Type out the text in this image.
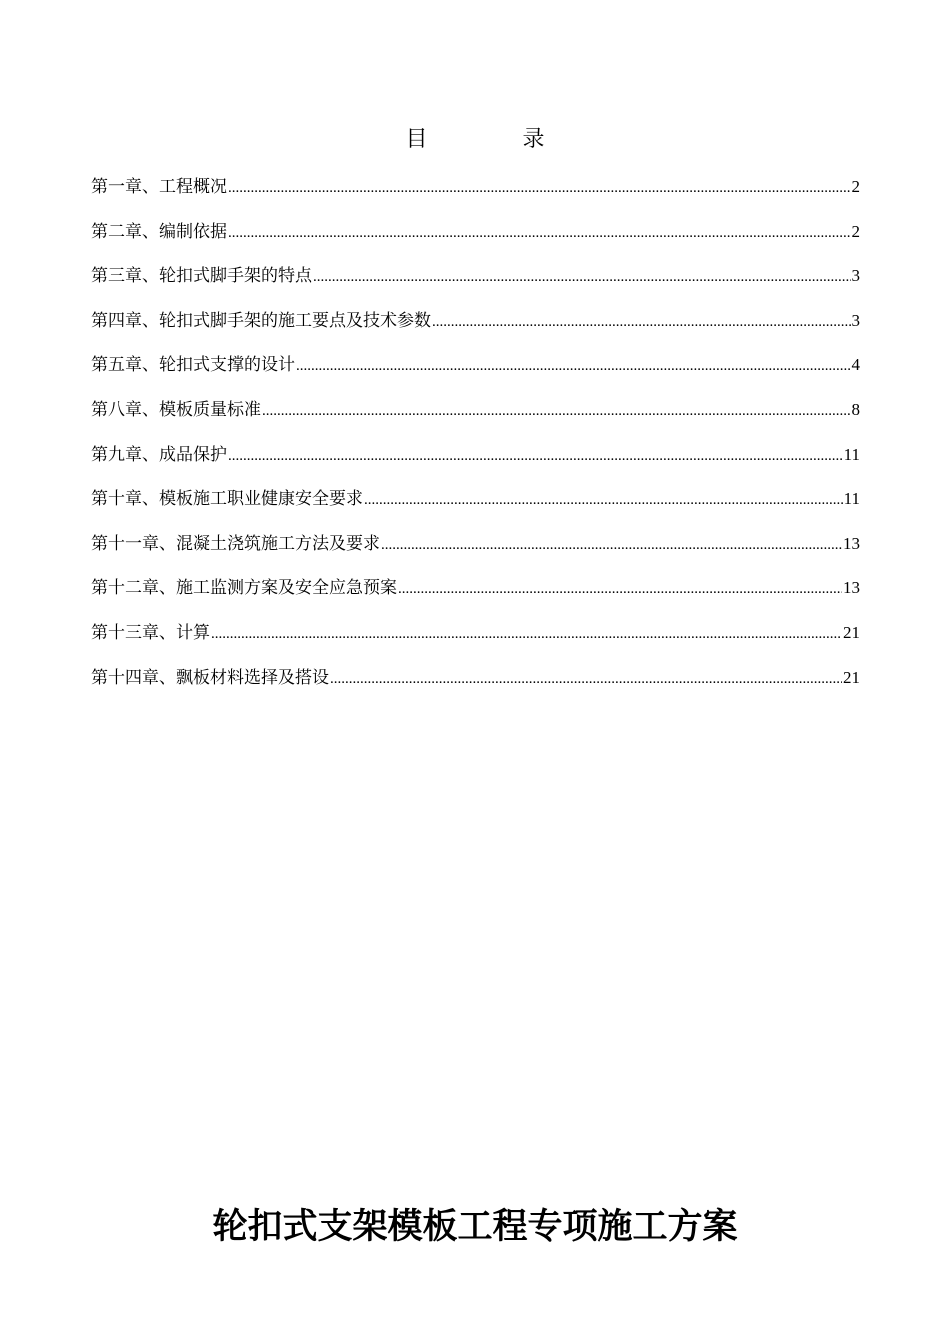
目 录
第一章、工程概况 .....	2
第二章、编制依据 .....	2
第三章、轮扣式脚手架的特点 .....	3
第四章、轮扣式脚手架的施工要点及技术参数 .....	3
第五章、轮扣式支撑的设计 .....	4
第八章、模板质量标准 .....	8
第九章、成品保护 .....	11
第十章、模板施工职业健康安全要求 .....	11
第十一章、混凝土浇筑施工方法及要求 .....	13
第十二章、施工监测方案及安全应急预案 .....	13
第十三章、计算 .....	21
第十四章、飘板材料选择及搭设 .....	21
轮扣式支架模板工程专项施工方案
